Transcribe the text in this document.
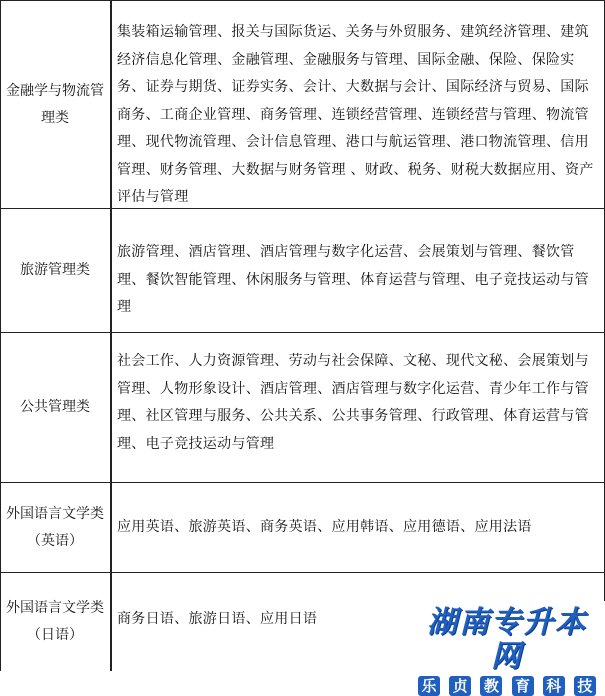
金融学与物流管
理类
集装箱运输管理、报关与国际货运、关务与外贸服务、建筑经济管理、建筑经济信息化管理、金融管理、金融服务与管理、国际金融、保险、保险实务、证券与期货、证券实务、会计、大数据与会计、国际经济与贸易、国际商务、工商企业管理、商务管理、连锁经营管理、连锁经营与管理、物流管理、现代物流管理、会计信息管理、港口与航运管理、港口物流管理、信用管理、财务管理、大数据与财务管理 、财政、税务、财税大数据应用、资产评估与管理
旅游管理类
旅游管理、酒店管理、酒店管理与数字化运营、会展策划与管理、餐饮管理、餐饮智能管理、休闲服务与管理、体育运营与管理、电子竞技运动与管理
公共管理类
社会工作、人力资源管理、劳动与社会保障、文秘、现代文秘、会展策划与管理、人物形象设计、酒店管理、酒店管理与数字化运营、青少年工作与管理、社区管理与服务、公共关系、公共事务管理、行政管理、体育运营与管理、电子竞技运动与管理
外国语言文学类
（英语）
应用英语、旅游英语、商务英语、应用韩语、应用德语、应用法语
外国语言文学类
（日语）
商务日语、旅游日语、应用日语	湖南专升本网
乐 贞 教 育 科 技
